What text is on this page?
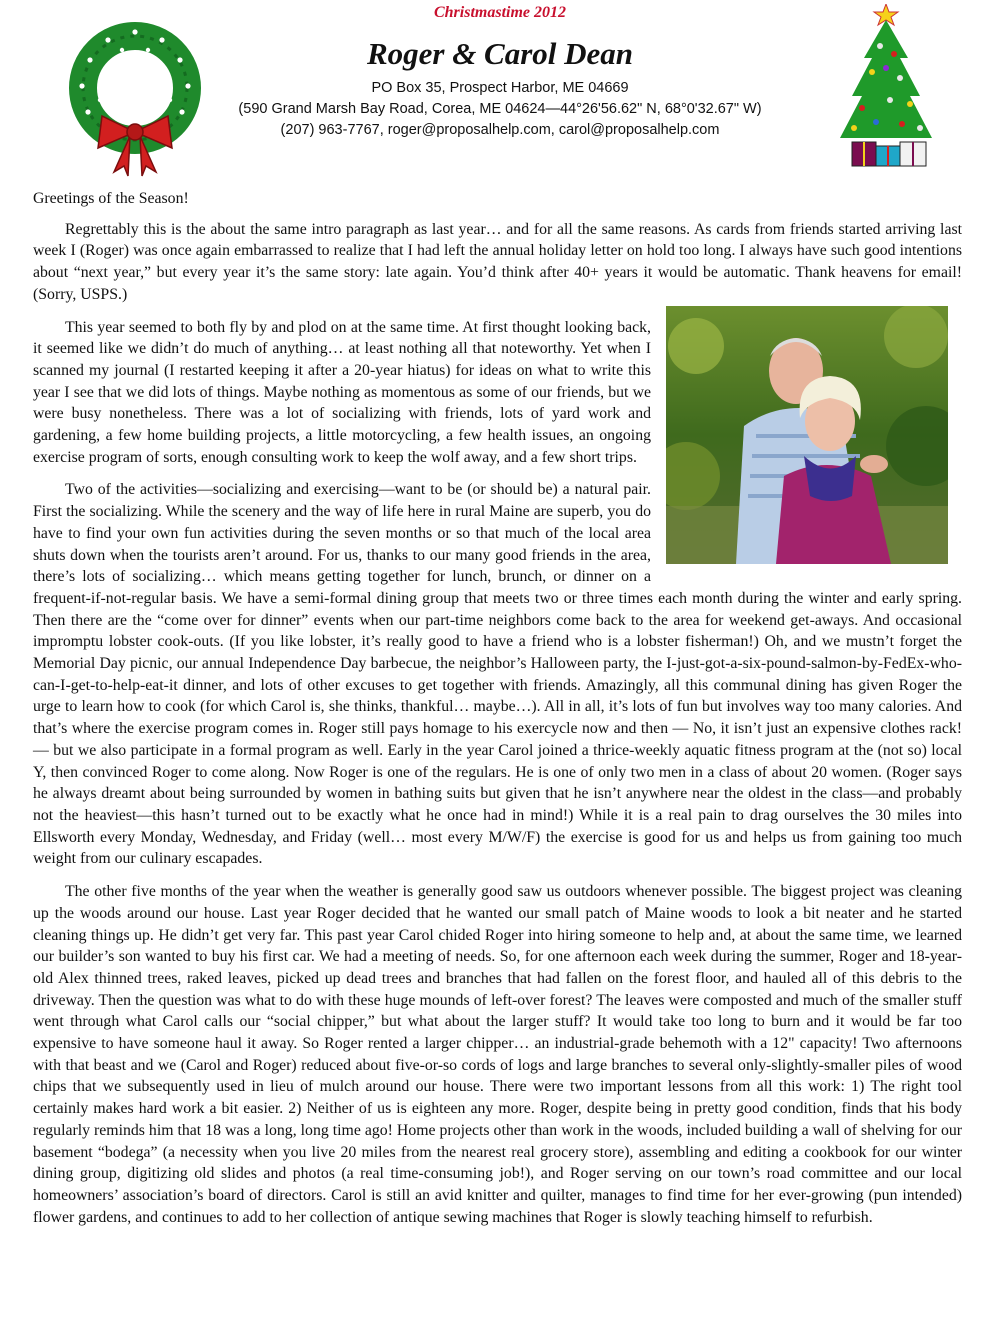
Christmastime 2012
Roger & Carol Dean
PO Box 35, Prospect Harbor, ME 04669
(590 Grand Marsh Bay Road, Corea, ME 04624—44°26'56.62" N, 68°0'32.67" W)
(207) 963-7767, roger@proposalhelp.com, carol@proposalhelp.com

Greetings of the Season!

Regrettably this is the about the same intro paragraph as last year… and for all the same reasons. As cards from friends started arriving last week I (Roger) was once again embarrassed to realize that I had left the annual holiday letter on hold too long. I always have such good intentions about “next year,” but every year it’s the same story: late again. You’d think after 40+ years it would be automatic. Thank heavens for email! (Sorry, USPS.)

This year seemed to both fly by and plod on at the same time. At first thought looking back, it seemed like we didn’t do much of anything… at least nothing all that noteworthy. Yet when I scanned my journal (I restarted keeping it after a 20-year hiatus) for ideas on what to write this year I see that we did lots of things. Maybe nothing as momentous as some of our friends, but we were busy nonetheless. There was a lot of socializing with friends, lots of yard work and gardening, a few home building projects, a little motorcycling, a few health issues, an ongoing exercise program of sorts, enough consulting work to keep the wolf away, and a few short trips.

Two of the activities—socializing and exercising—want to be (or should be) a natural pair. First the socializing. While the scenery and the way of life here in rural Maine are superb, you do have to find your own fun activities during the seven months or so that much of the local area shuts down when the tourists aren’t around. For us, thanks to our many good friends in the area, there’s lots of socializing… which means getting together for lunch, brunch, or dinner on a frequent-if-not-regular basis. We have a semi-formal dining group that meets two or three times each month during the winter and early spring. Then there are the “come over for dinner” events when our part-time neighbors come back to the area for weekend get-aways. And occasional impromptu lobster cook-outs. (If you like lobster, it’s really good to have a friend who is a lobster fisherman!) Oh, and we mustn’t forget the Memorial Day picnic, our annual Independence Day barbecue, the neighbor’s Halloween party, the I-just-got-a-six-pound-salmon-by-FedEx-who-can-I-get-to-help-eat-it dinner, and lots of other excuses to get together with friends. Amazingly, all this communal dining has given Roger the urge to learn how to cook (for which Carol is, she thinks, thankful… maybe…). All in all, it’s lots of fun but involves way too many calories. And that’s where the exercise program comes in. Roger still pays homage to his exercycle now and then — No, it isn’t just an expensive clothes rack! — but we also participate in a formal program as well. Early in the year Carol joined a thrice-weekly aquatic fitness program at the (not so) local Y, then convinced Roger to come along. Now Roger is one of the regulars. He is one of only two men in a class of about 20 women. (Roger says he always dreamt about being surrounded by women in bathing suits but given that he isn’t anywhere near the oldest in the class—and probably not the heaviest—this hasn’t turned out to be exactly what he once had in mind!) While it is a real pain to drag ourselves the 30 miles into Ellsworth every Monday, Wednesday, and Friday (well… most every M/W/F) the exercise is good for us and helps us from gaining too much weight from our culinary escapades.

The other five months of the year when the weather is generally good saw us outdoors whenever possible. The biggest project was cleaning up the woods around our house. Last year Roger decided that he wanted our small patch of Maine woods to look a bit neater and he started cleaning things up. He didn’t get very far. This past year Carol chided Roger into hiring someone to help and, at about the same time, we learned our builder’s son wanted to buy his first car. We had a meeting of needs. So, for one afternoon each week during the summer, Roger and 18-year-old Alex thinned trees, raked leaves, picked up dead trees and branches that had fallen on the forest floor, and hauled all of this debris to the driveway. Then the question was what to do with these huge mounds of left-over forest? The leaves were composted and much of the smaller stuff went through what Carol calls our “social chipper,” but what about the larger stuff? It would take too long to burn and it would be far too expensive to have someone haul it away. So Roger rented a larger chipper… an industrial-grade behemoth with a 12" capacity! Two afternoons with that beast and we (Carol and Roger) reduced about five-or-so cords of logs and large branches to several only-slightly-smaller piles of wood chips that we subsequently used in lieu of mulch around our house. There were two important lessons from all this work: 1) The right tool certainly makes hard work a bit easier. 2) Neither of us is eighteen any more. Roger, despite being in pretty good condition, finds that his body regularly reminds him that 18 was a long, long time ago! Home projects other than work in the woods, included building a wall of shelving for our basement “bodega” (a necessity when you live 20 miles from the nearest real grocery store), assembling and editing a cookbook for our winter dining group, digitizing old slides and photos (a real time-consuming job!), and Roger serving on our town’s road committee and our local homeowners’ association’s board of directors. Carol is still an avid knitter and quilter, manages to find time for her ever-growing (pun intended) flower gardens, and continues to add to her collection of antique sewing machines that Roger is slowly teaching himself to refurbish.
